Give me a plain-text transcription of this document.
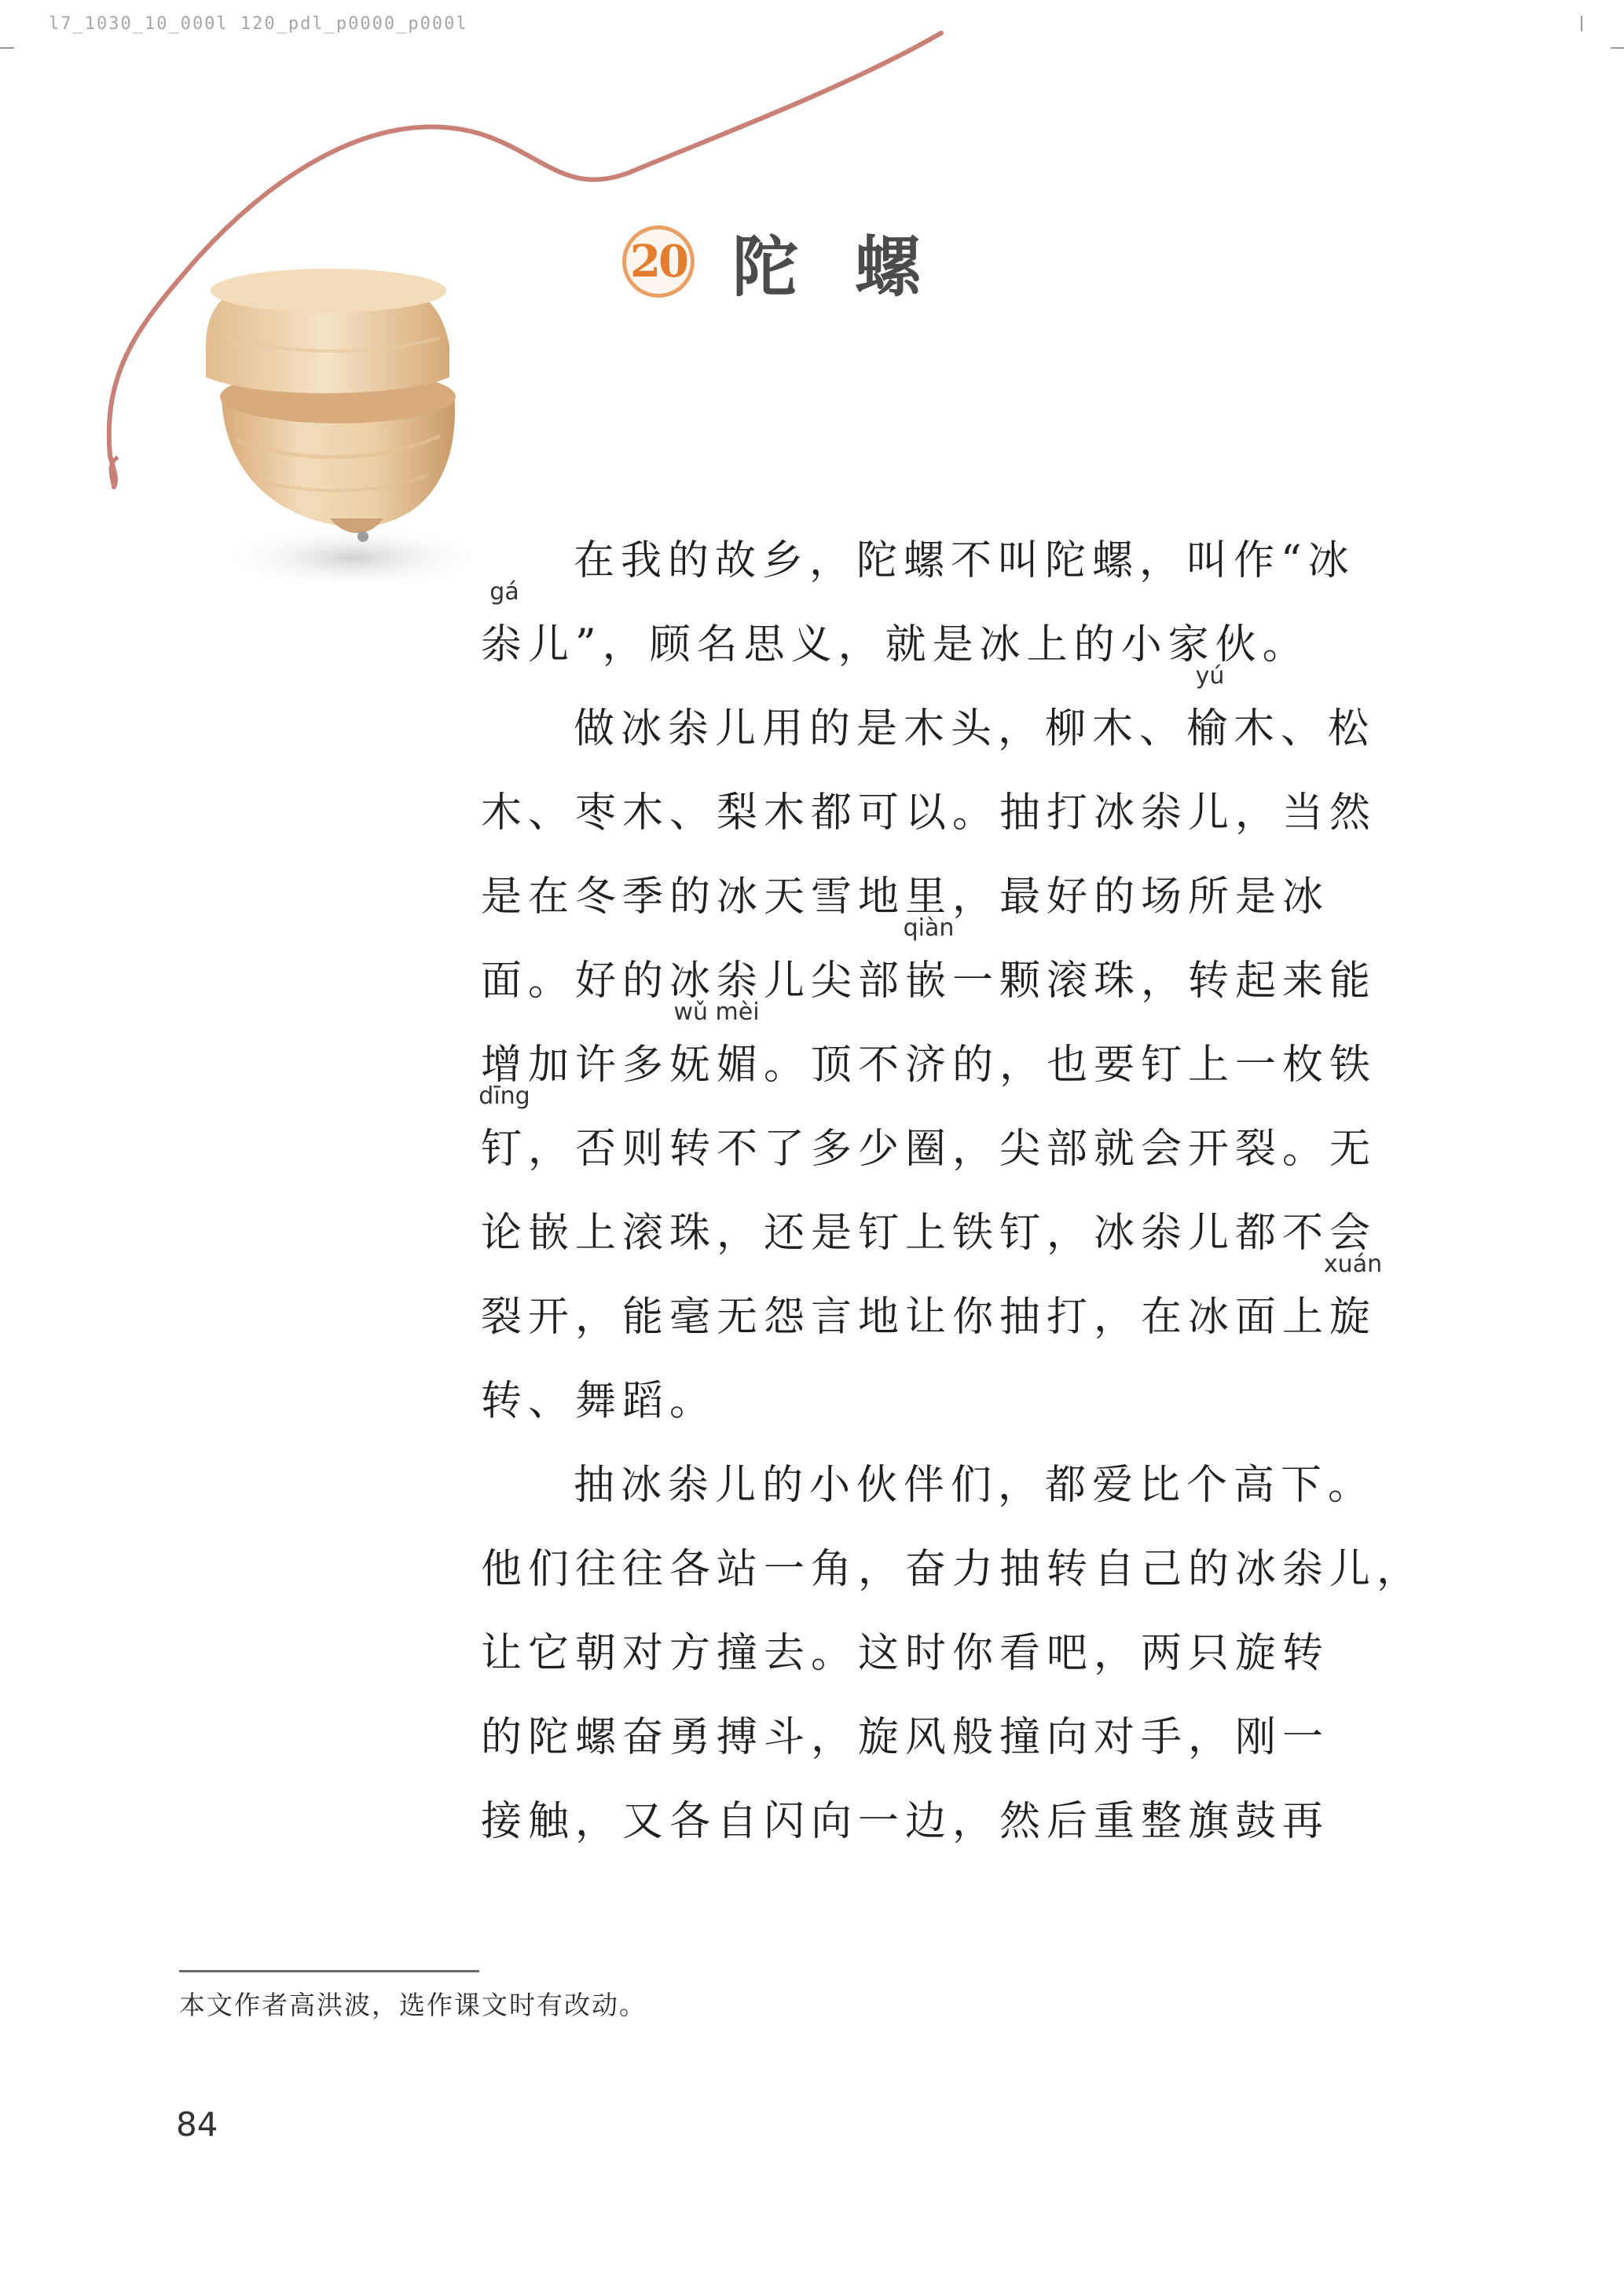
l7_1030_10_000l 120_pdl_p0000_p000l
20 陀螺
在我的故乡，陀螺不叫陀螺，叫作“冰
gá
尜 儿”，顾名思义，就是冰上的小家伙。
做冰尜儿用的是木头，柳木、
yú
榆 木、松
木、枣木、梨木都可以。抽打冰尜儿，当然
是在冬季的冰天雪地里，最好的场所是冰
面。好的冰尜儿尖部
qiàn
嵌 一颗滚珠，转起来能
增加许多
wǔ mèi
妩媚 。顶不济的，也要钉上一枚铁
dīng
钉 ，否则转不了多少圈，尖部就会开裂。无
论嵌上滚珠，还是钉上铁钉，冰尜儿都不会
裂开，能毫无怨言地让你抽打，在冰面上
xuán
旋
转、舞蹈。
抽冰尜儿的小伙伴们，都爱比个高下。
他们往往各站一角，奋力抽转自己的冰尜儿，
让它朝对方撞去。这时你看吧，两只旋转
的陀螺奋勇搏斗，旋风般撞向对手，刚一
接触，又各自闪向一边，然后重整旗鼓再
本文作者高洪波，选作课文时有改动。
84
